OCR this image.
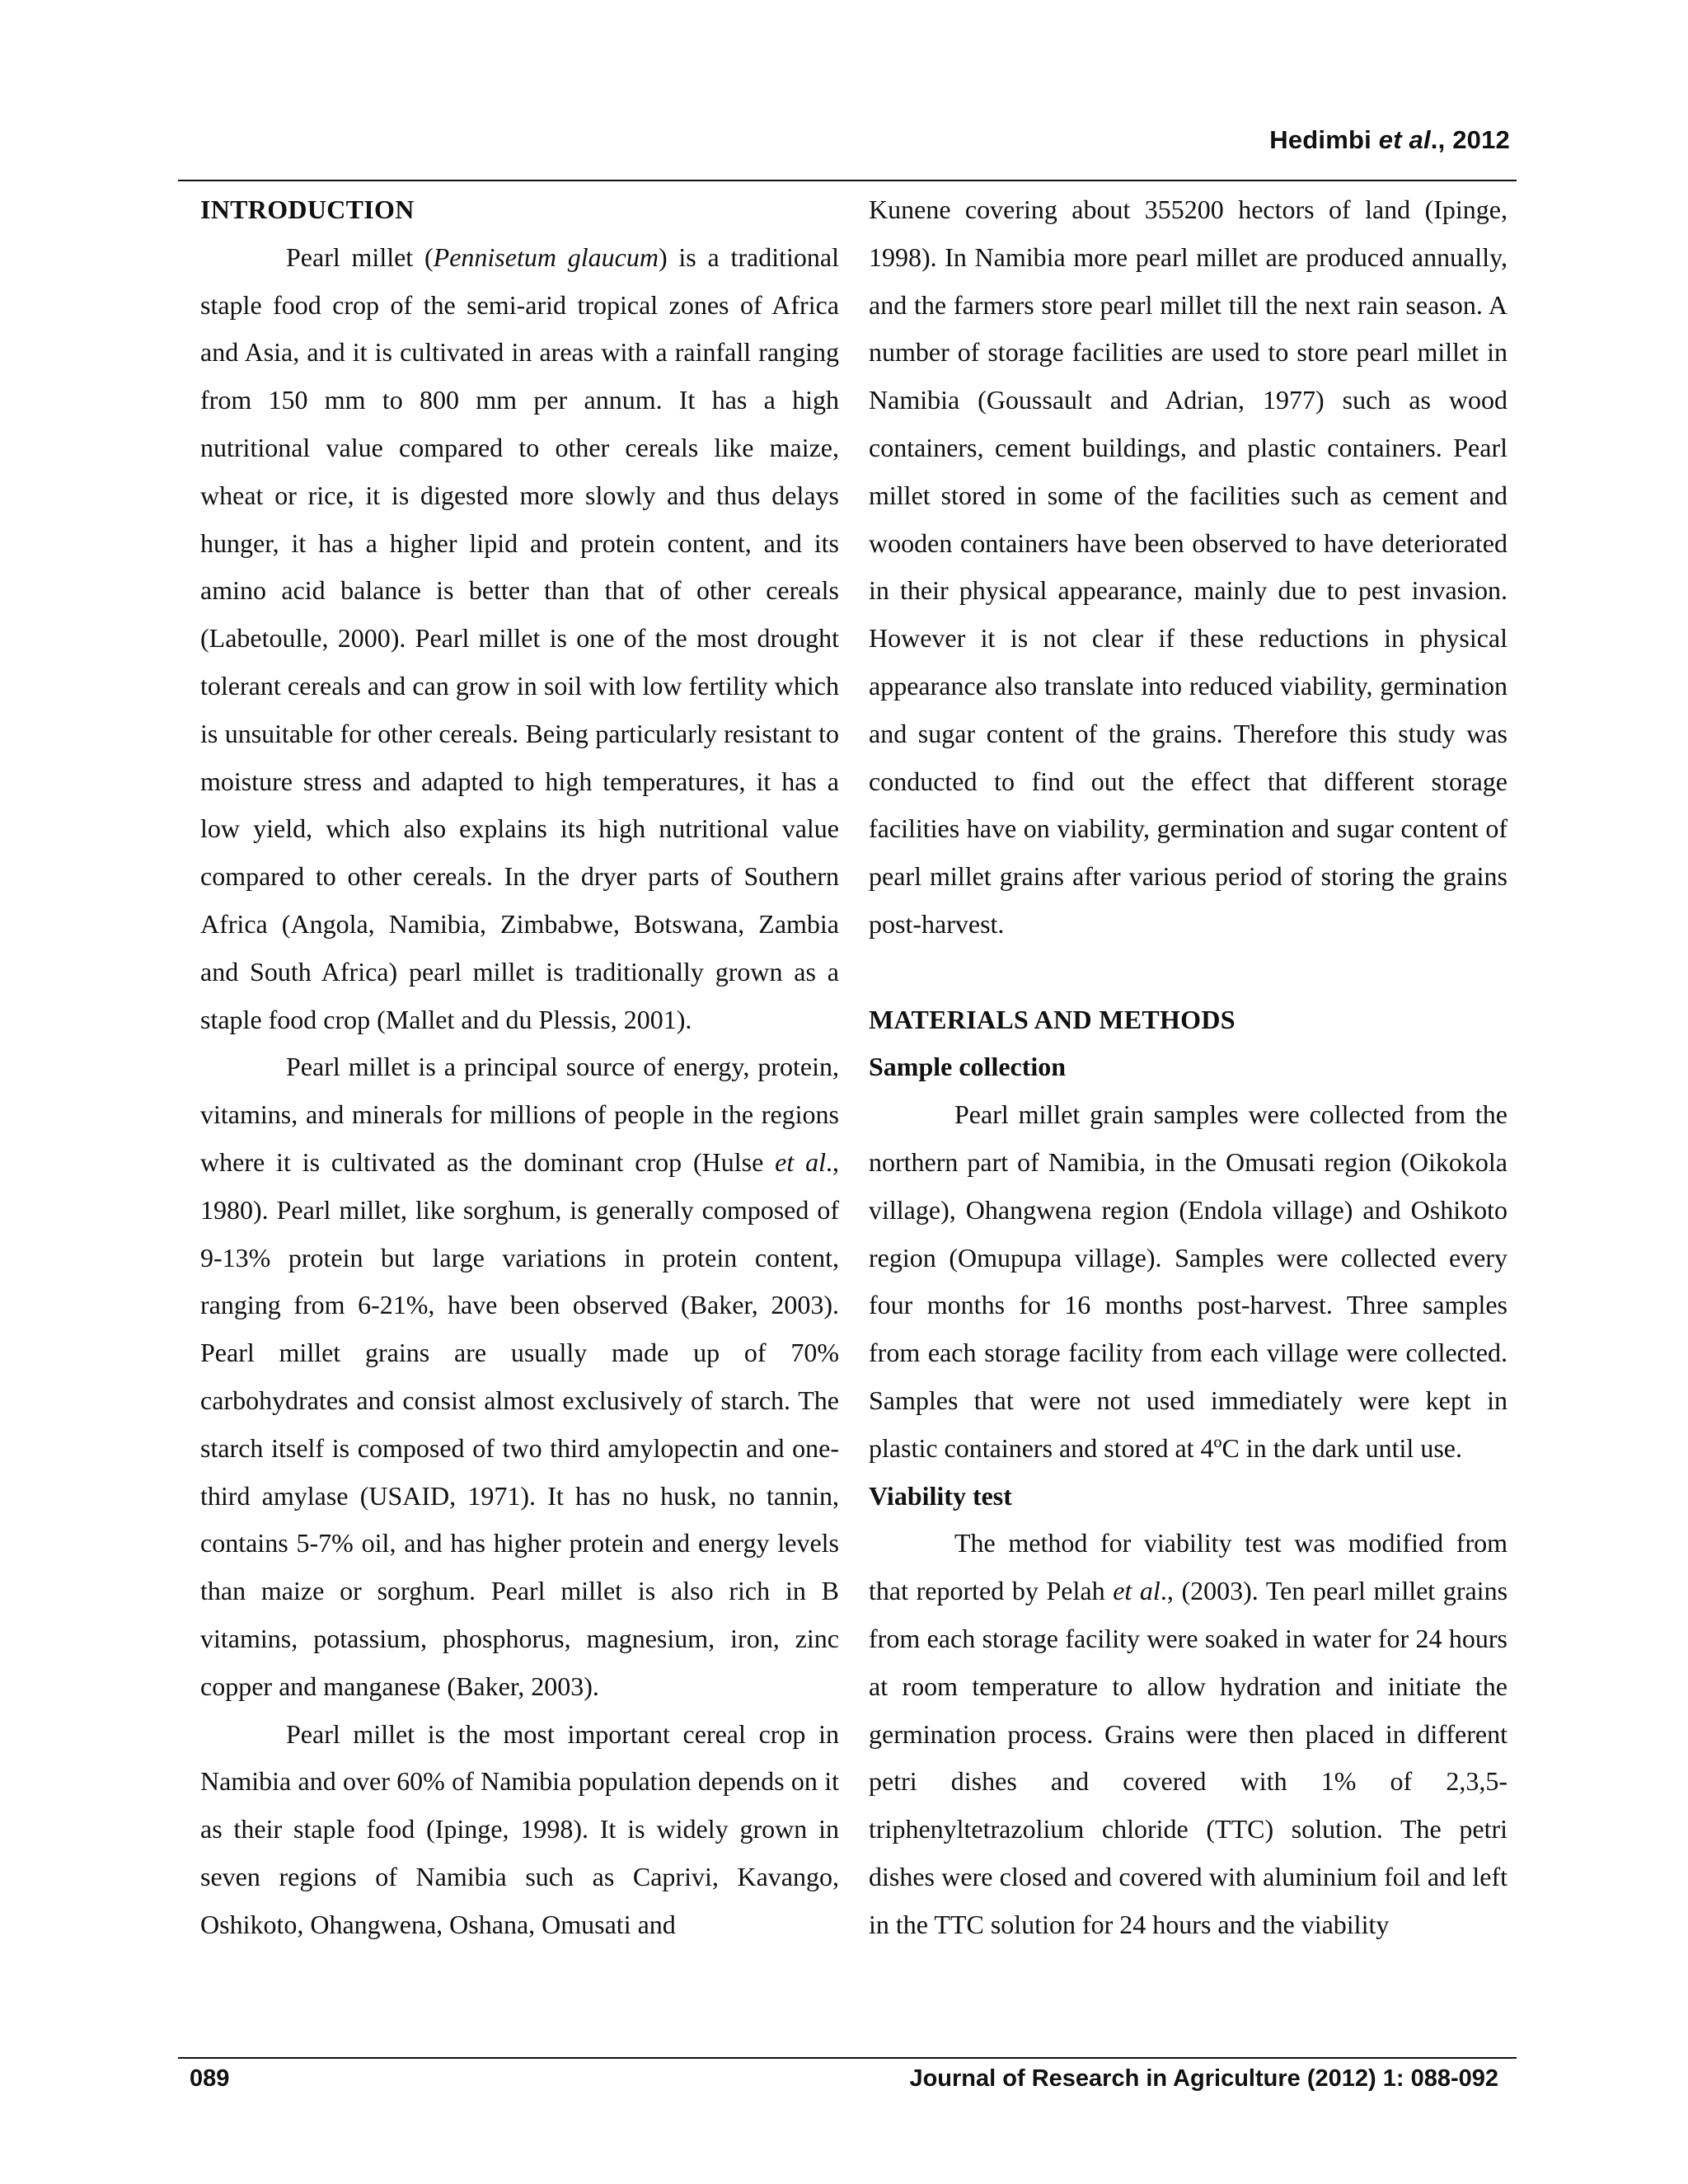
Hedimbi et al., 2012
INTRODUCTION

Pearl millet (Pennisetum glaucum) is a traditional staple food crop of the semi-arid tropical zones of Africa and Asia, and it is cultivated in areas with a rainfall ranging from 150 mm to 800 mm per annum. It has a high nutritional value compared to other cereals like maize, wheat or rice, it is digested more slowly and thus delays hunger, it has a higher lipid and protein content, and its amino acid balance is better than that of other cereals (Labetoulle, 2000). Pearl millet is one of the most drought tolerant cereals and can grow in soil with low fertility which is unsuitable for other cereals. Being particularly resistant to moisture stress and adapted to high temperatures, it has a low yield, which also explains its high nutritional value compared to other cereals. In the dryer parts of Southern Africa (Angola, Namibia, Zimbabwe, Botswana, Zambia and South Africa) pearl millet is traditionally grown as a staple food crop (Mallet and du Plessis, 2001).

Pearl millet is a principal source of energy, protein, vitamins, and minerals for millions of people in the regions where it is cultivated as the dominant crop (Hulse et al., 1980). Pearl millet, like sorghum, is generally composed of 9-13% protein but large variations in protein content, ranging from 6-21%, have been observed (Baker, 2003). Pearl millet grains are usually made up of 70% carbohydrates and consist almost exclusively of starch. The starch itself is composed of two third amylopectin and one-third amylase (USAID, 1971). It has no husk, no tannin, contains 5-7% oil, and has higher protein and energy levels than maize or sorghum. Pearl millet is also rich in B vitamins, potassium, phosphorus, magnesium, iron, zinc copper and manganese (Baker, 2003).

Pearl millet is the most important cereal crop in Namibia and over 60% of Namibia population depends on it as their staple food (Ipinge, 1998). It is widely grown in seven regions of Namibia such as Caprivi, Kavango, Oshikoto, Ohangwena, Oshana, Omusati and

Kunene covering about 355200 hectors of land (Ipinge, 1998). In Namibia more pearl millet are produced annually, and the farmers store pearl millet till the next rain season. A number of storage facilities are used to store pearl millet in Namibia (Goussault and Adrian, 1977) such as wood containers, cement buildings, and plastic containers. Pearl millet stored in some of the facilities such as cement and wooden containers have been observed to have deteriorated in their physical appearance, mainly due to pest invasion. However it is not clear if these reductions in physical appearance also translate into reduced viability, germination and sugar content of the grains. Therefore this study was conducted to find out the effect that different storage facilities have on viability, germination and sugar content of pearl millet grains after various period of storing the grains post-harvest.

MATERIALS AND METHODS
Sample collection

Pearl millet grain samples were collected from the northern part of Namibia, in the Omusati region (Oikokola village), Ohangwena region (Endola village) and Oshikoto region (Omupupa village). Samples were collected every four months for 16 months post-harvest. Three samples from each storage facility from each village were collected. Samples that were not used immediately were kept in plastic containers and stored at 4ºC in the dark until use.

Viability test

The method for viability test was modified from that reported by Pelah et al., (2003). Ten pearl millet grains from each storage facility were soaked in water for 24 hours at room temperature to allow hydration and initiate the germination process. Grains were then placed in different petri dishes and covered with 1% of 2,3,5-triphenyltetrazolium chloride (TTC) solution. The petri dishes were closed and covered with aluminium foil and left in the TTC solution for 24 hours and the viability

089	Journal of Research in Agriculture (2012) 1: 088-092
